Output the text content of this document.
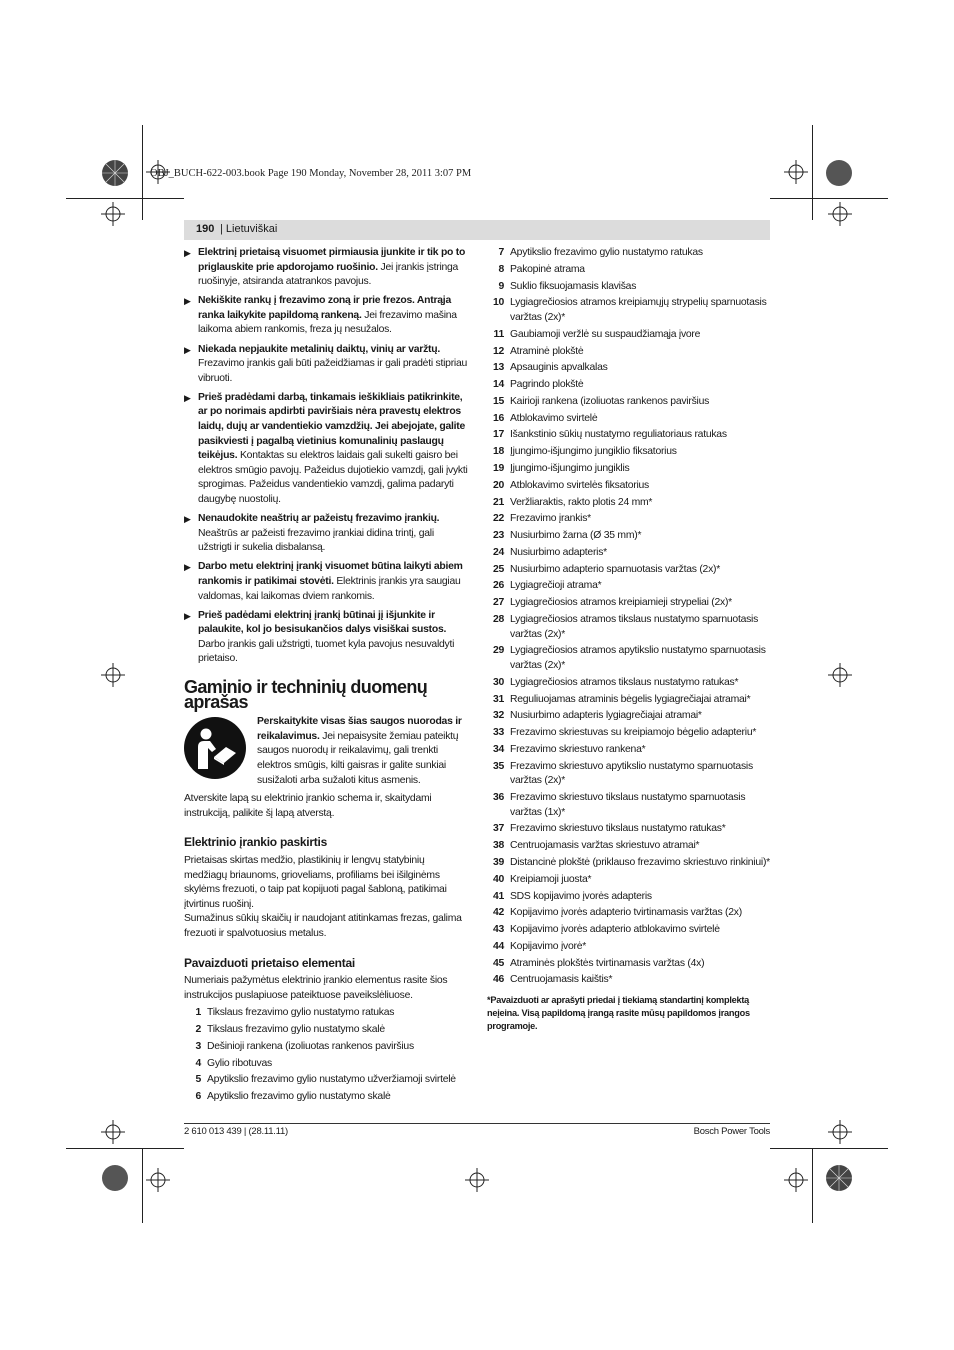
OBJ_BUCH-622-003.book Page 190 Monday, November 28, 2011 3:07 PM
190 | Lietuviškai
▶ Elektrinį prietaisą visuomet pirmiausia įjunkite ir tik po to priglauskite prie apdorojamo ruošinio. Jei įrankis įstringa ruošinyje, atsiranda atatrankos pavojus.
▶ Nekiškite rankų į frezavimo zoną ir prie frezos. Antrąja ranka laikykite papildomą rankeną. Jei frezavimo mašina laikoma abiem rankomis, freza jų nesužalos.
▶ Niekada nepjaukite metalinių daiktų, vinių ar varžtų. Frezavimo įrankis gali būti pažeidžiamas ir gali pradėti stipriau vibruoti.
▶ Prieš pradėdami darbą, tinkamais ieškikliais patikrinkite, ar po norimais apdirbti paviršiais nėra pravestų elektros laidų, dujų ar vandentiekio vamzdžių. Jei abejojate, galite pasikviesti į pagalbą vietinius komunalinių paslaugų teikėjus. Kontaktas su elektros laidais gali sukelti gaisro bei elektros smūgio pavojų. Pažeidus dujotiekio vamzdį, gali įvykti sprogimas. Pažeidus vandentiekio vamzdį, galima padaryti daugybę nuostolių.
▶ Nenaudokite neaštrių ar pažeistų frezavimo įrankių. Neaštrūs ar pažeisti frezavimo įrankiai didina trintį, gali užstrigti ir sukelia disbalansą.
▶ Darbo metu elektrinį įrankį visuomet būtina laikyti abiem rankomis ir patikimai stovėti. Elektrinis įrankis yra saugiau valdomas, kai laikomas dviem rankomis.
▶ Prieš padėdami elektrinį įrankį būtinai jį išjunkite ir palaukite, kol jo besisukančios dalys visiškai sustos. Darbo įrankis gali užstrigti, tuomet kyla pavojus nesuvaldyti prietaiso.
Gaminio ir techninių duomenų aprašas

Perskaitykite visas šias saugos nuorodas ir reikalavimus. Jei nepaisysite žemiau pateiktų saugos nuorodų ir reikalavimų, gali trenkti elektros smūgis, kilti gaisras ir galite sunkiai susižaloti arba sužaloti kitus asmenis.

Atverskite lapą su elektrinio įrankio schema ir, skaitydami instrukciją, palikite šį lapą atverstą.

Elektrinio įrankio paskirtis

Prietaisas skirtas medžio, plastikinių ir lengvų statybinių medžiagų briaunoms, grioveliams, profiliams bei išilginėms skylėms frezuoti, o taip pat kopijuoti pagal šabloną, patikimai įtvirtinus ruošinį.

Sumažinus sūkių skaičių ir naudojant atitinkamas frezas, galima frezuoti ir spalvotuosius metalus.

Pavaizduoti prietaiso elementai

Numeriais pažymėtus elektrinio įrankio elementus rasite šios instrukcijos puslapiuose pateiktuose paveikslėliuose.

1 Tikslaus frezavimo gylio nustatymo ratukas
2 Tikslaus frezavimo gylio nustatymo skalė
3 Dešinioji rankena (izoliuotas rankenos paviršius
4 Gylio ribotuvas
5 Apytikslio frezavimo gylio nustatymo užveržiamoji svirtelė
6 Apytikslio frezavimo gylio nustatymo skalė
7 Apytikslio frezavimo gylio nustatymo ratukas
8 Pakopinė atrama
9 Suklio fiksuojamasis klavišas
10 Lygiagrečiosios atramos kreipiamųjų strypelių sparnuotasis varžtas (2x)*
11 Gaubiamoji veržlė su suspaudžiamąja įvore
12 Atraminė plokštė
13 Apsauginis apvalkalas
14 Pagrindo plokštė
15 Kairioji rankena (izoliuotas rankenos paviršius
16 Atblokavimo svirtelė
17 Išankstinio sūkių nustatymo reguliatoriaus ratukas
18 Įjungimo-išjungimo jungiklio fiksatorius
19 Įjungimo-išjungimo jungiklis
20 Atblokavimo svirtelės fiksatorius
21 Veržliaraktis, rakto plotis 24 mm*
22 Frezavimo įrankis*
23 Nusiurbimo žarna (Ø 35 mm)*
24 Nusiurbimo adapteris*
25 Nusiurbimo adapterio sparnuotasis varžtas (2x)*
26 Lygiagrečioji atrama*
27 Lygiagrečiosios atramos kreipiamieji strypeliai (2x)*
28 Lygiagrečiosios atramos tikslaus nustatymo sparnuotasis varžtas (2x)*
29 Lygiagrečiosios atramos apytikslio nustatymo sparnuotasis varžtas (2x)*
30 Lygiagrečiosios atramos tikslaus nustatymo ratukas*
31 Reguliuojamas atraminis bėgelis lygiagrečiajai atramai*
32 Nusiurbimo adapteris lygiagrečiajai atramai*
33 Frezavimo skriestuvas su kreipiamojo bėgelio adapteriu*
34 Frezavimo skriestuvo rankena*
35 Frezavimo skriestuvo apytikslio nustatymo sparnuotasis varžtas (2x)*
36 Frezavimo skriestuvo tikslaus nustatymo sparnuotasis varžtas (1x)*
37 Frezavimo skriestuvo tikslaus nustatymo ratukas*
38 Centruojamasis varžtas skriestuvo atramai*
39 Distancinė plokštė (priklauso frezavimo skriestuvo rinkiniui)*
40 Kreipiamoji juosta*
41 SDS kopijavimo įvorės adapteris
42 Kopijavimo įvorės adapterio tvirtinamasis varžtas (2x)
43 Kopijavimo įvorės adapterio atblokavimo svirtelė
44 Kopijavimo įvorė*
45 Atraminės plokštės tvirtinamasis varžtas (4x)
46 Centruojamasis kaištis*

*Pavaizduoti ar aprašyti priedai į tiekiamą standartinį komplektą neįeina. Visą papildomą įrangą rasite mūsų papildomos įrangos programoje.

2 610 013 439 | (28.11.11)	Bosch Power Tools
